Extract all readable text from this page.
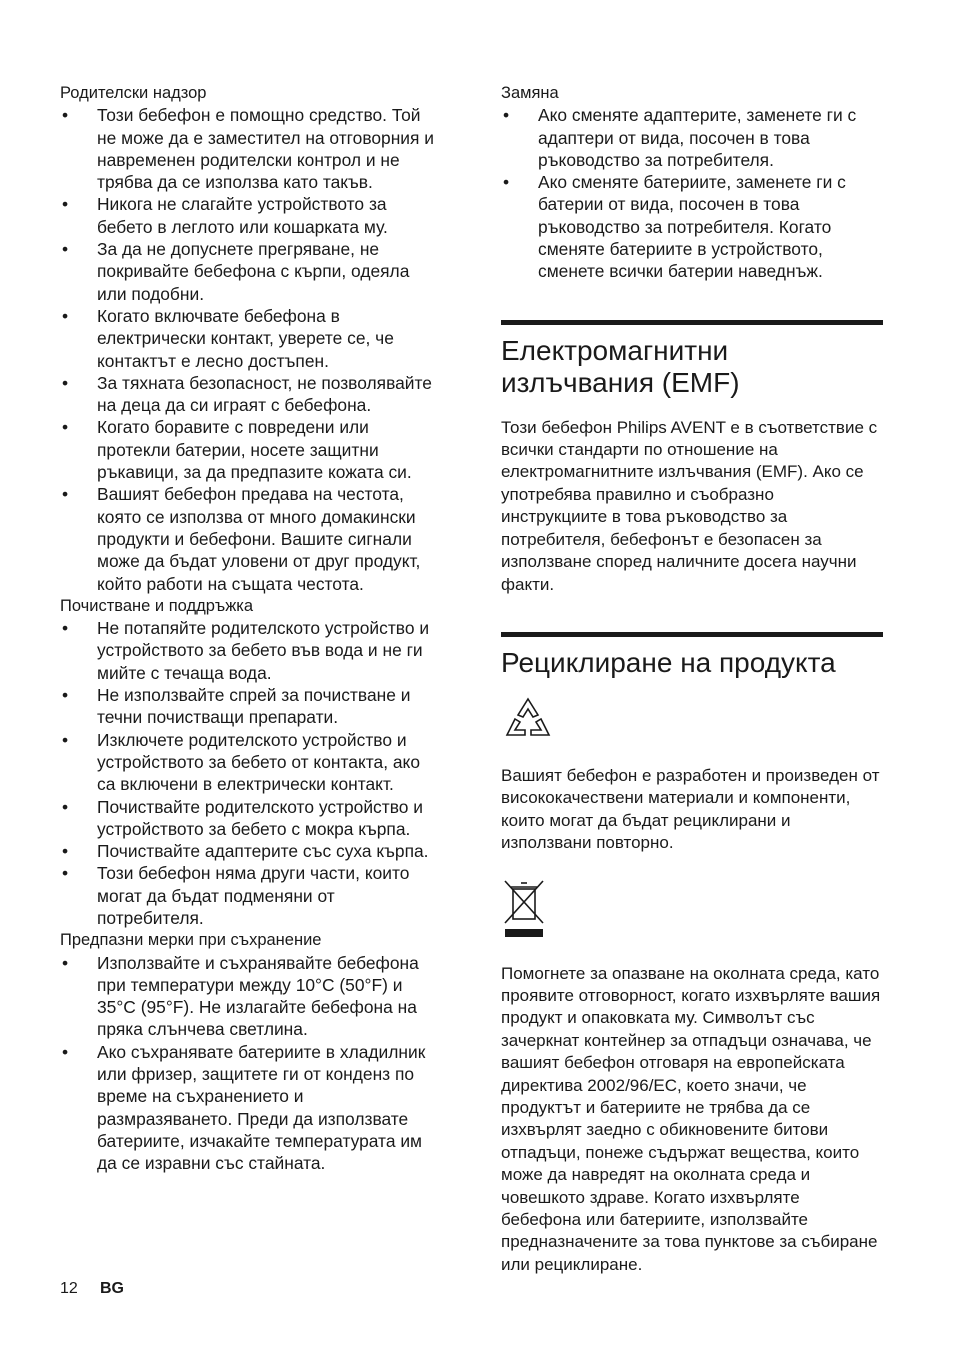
Родителски надзор

• Този бебефон е помощно средство. Той не може да е заместител на отговорния и навременен родителски контрол и не трябва да се използва като такъв.
• Никога не слагайте устройството за бебето в леглото или кошарката му.
• За да не допуснете прегряване, не покривайте бебефона с кърпи, одеяла или подобни.
• Когато включвате бебефона в електрически контакт, уверете се, че контактът е лесно достъпен.
• За тяхната безопасност, не позволявайте на деца да си играят с бебефона.
• Когато боравите с повредени или протекли батерии, носете защитни ръкавици, за да предпазите кожата си.
• Вашият бебефон предава на честота, която се използва от много домакински продукти и бебефони. Вашите сигнали може да бъдат уловени от друг продукт, който работи на същата честота.

Почистване и поддръжка

• Не потапяйте родителското устройство и устройството за бебето във вода и не ги мийте с течаща вода.
• Не използвайте спрей за почистване и течни почистващи препарати.
• Изключете родителското устройство и устройството за бебето от контакта, ако са включени в електрически контакт.
• Почиствайте родителското устройство и устройството за бебето с мокра кърпа.
• Почиствайте адаптерите със суха кърпа.
• Този бебефон няма други части, които могат да бъдат подменяни от потребителя.

Предпазни мерки при съхранение

• Използвайте и съхранявайте бебефона при температури между 10°C (50°F) и 35°C (95°F). Не излагайте бебефона на пряка слънчева светлина.
• Ако съхранявате батериите в хладилник или фризер, защитете ги от конденз по време на съхранението и размразяването. Преди да използвате батериите, изчакайте температурата им да се изравни със стайната.

Замяна

• Ако сменяте адаптерите, заменете ги с адаптери от вида, посочен в това ръководство за потребителя.
• Ако сменяте батериите, заменете ги с батерии от вида, посочен в това ръководство за потребителя. Когато сменяте батериите в устройството, сменете всички батерии наведнъж.
Електромагнитни излъчвания (EMF)

Този бебефон Philips AVENT е в съответствие с всички стандарти по отношение на електромагнитните излъчвания (EMF). Ако се употребява правилно и съобразно инструкциите в това ръководство за потребителя, бебефонът е безопасен за използване според наличните досега научни факти.

Рециклиране на продукта

Вашият бебефон е разработен и произведен от висококачествени материали и компоненти, които могат да бъдат рециклирани и използвани повторно.

Помогнете за опазване на околната среда, като проявите отговорност, когато изхвърляте вашия продукт и опаковката му. Символът със зачеркнат контейнер за отпадъци означава, че вашият бебефон отговаря на европейската директива 2002/96/EC, което значи, че продуктът и батериите не трябва да се изхвърлят заедно с обикновените битови отпадъци, понеже съдържат вещества, които може да навредят на околната среда и човешкото здраве. Когато изхвърляте бебефона или батериите, използвайте предназначените за това пунктове за събиране или рециклиране.

12 BG
